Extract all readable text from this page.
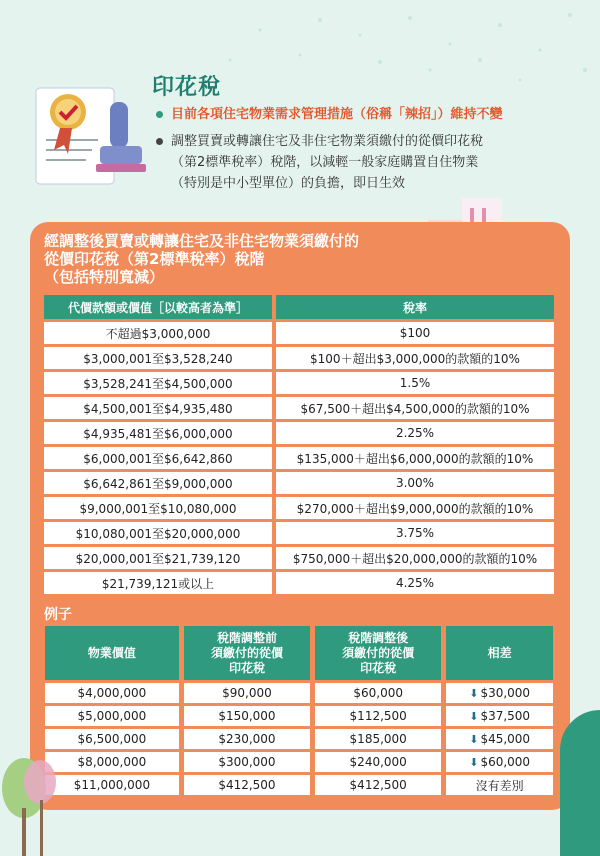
印花稅
目前各項住宅物業需求管理措施（俗稱「辣招」）維持不變
調整買賣或轉讓住宅及非住宅物業須繳付的從價印花稅
（第2標準稅率）稅階，以減輕一般家庭購置自住物業
（特別是中小型單位）的負擔，即日生效
經調整後買賣或轉讓住宅及非住宅物業須繳付的
從價印花稅（第2標準稅率）稅階
（包括特別寬減）
代價款額或價值［以較高者為準］	稅率
不超過$3,000,000	$100
$3,000,001至$3,528,240	$100＋超出$3,000,000的款額的10%
$3,528,241至$4,500,000	1.5%
$4,500,001至$4,935,480	$67,500＋超出$4,500,000的款額的10%
$4,935,481至$6,000,000	2.25%
$6,000,001至$6,642,860	$135,000＋超出$6,000,000的款額的10%
$6,642,861至$9,000,000	3.00%
$9,000,001至$10,080,000	$270,000＋超出$9,000,000的款額的10%
$10,080,001至$20,000,000	3.75%
$20,000,001至$21,739,120	$750,000＋超出$20,000,000的款額的10%
$21,739,121或以上	4.25%
例子
物業價值	稅階調整前
須繳付的從價
印花稅	稅階調整後
須繳付的從價
印花稅	相差
$4,000,000	$90,000	$60,000	⬇ $30,000
$5,000,000	$150,000	$112,500	⬇ $37,500
$6,500,000	$230,000	$185,000	⬇ $45,000
$8,000,000	$300,000	$240,000	⬇ $60,000
$11,000,000	$412,500	$412,500	沒有差別
